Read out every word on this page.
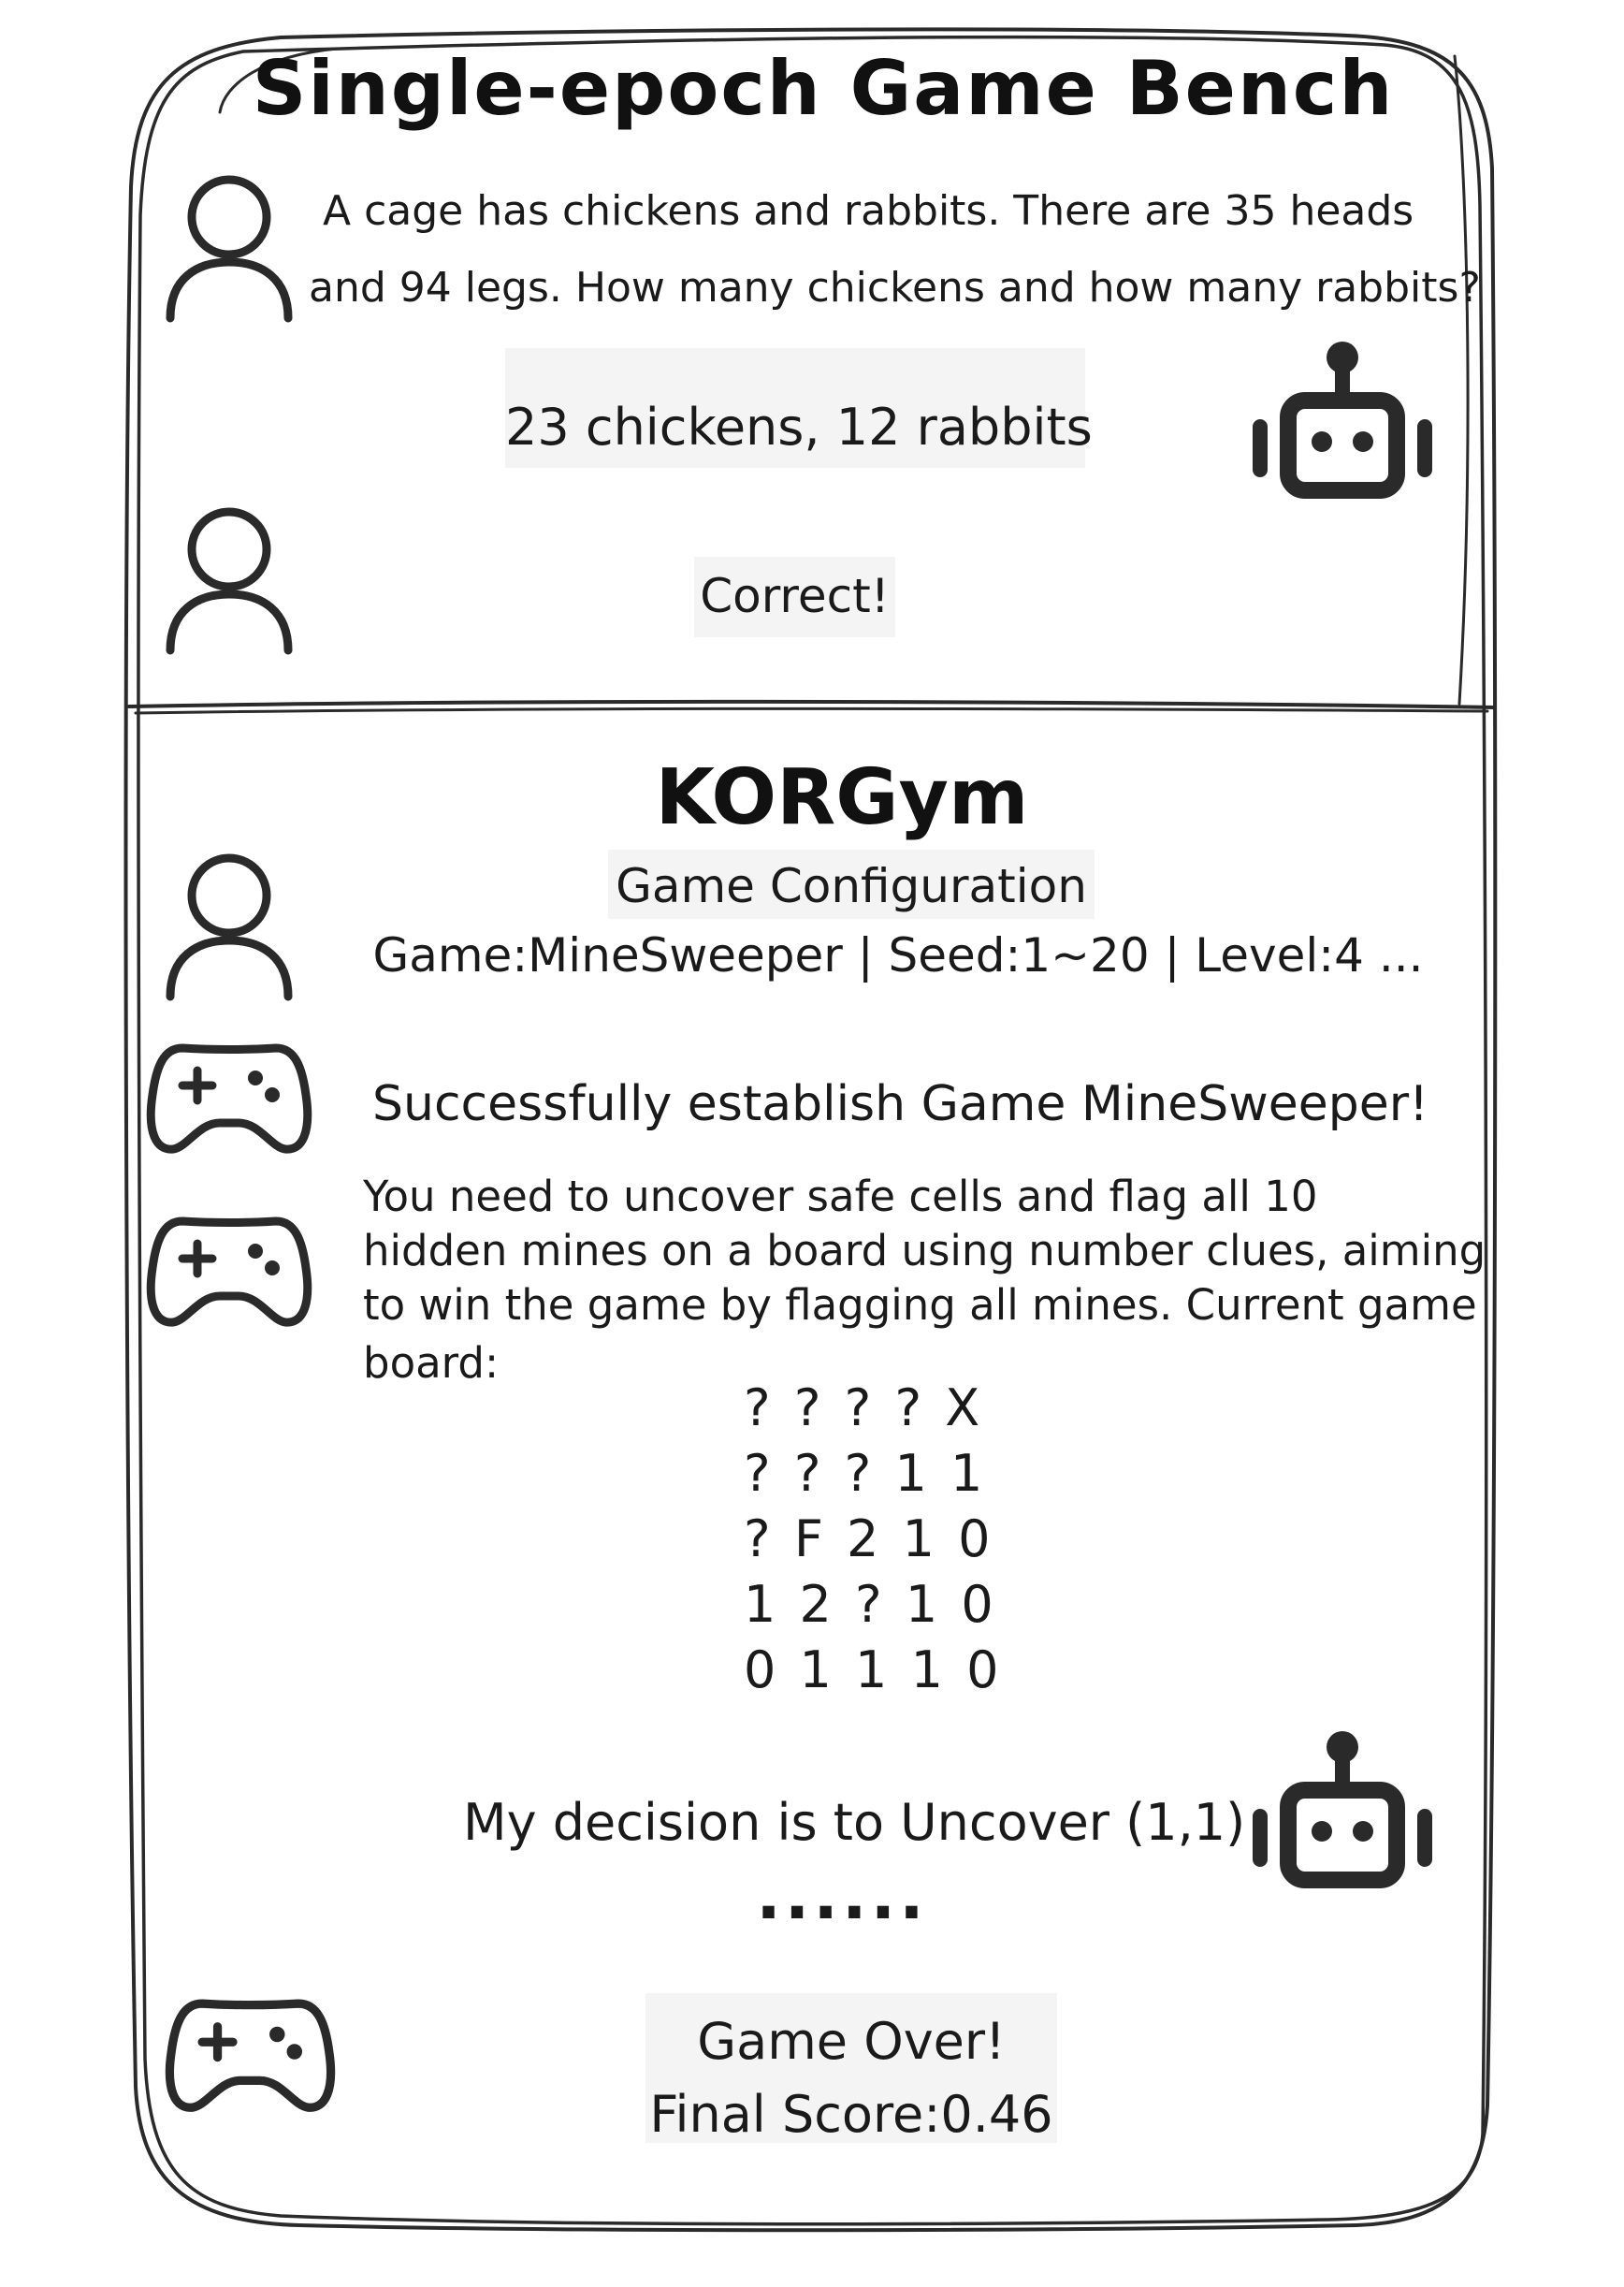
Single-epoch Game Bench
A cage has chickens and rabbits. There are 35 heads
and 94 legs. How many chickens and how many rabbits?
23 chickens, 12 rabbits
Correct!
KORGym
Game Configuration
Game:MineSweeper | Seed:1~20 | Level:4 ...
Successfully establish Game MineSweeper!
You need to uncover safe cells and flag all 10
hidden mines on a board using number clues, aiming
to win the game by flagging all mines. Current game
board:
? ? ? ? X
? ? ? 1 1
? F 2 1 0
1 2 ? 1 0
0 1 1 1 0
My decision is to Uncover (1,1)
......
Game Over!
Final Score:0.46
